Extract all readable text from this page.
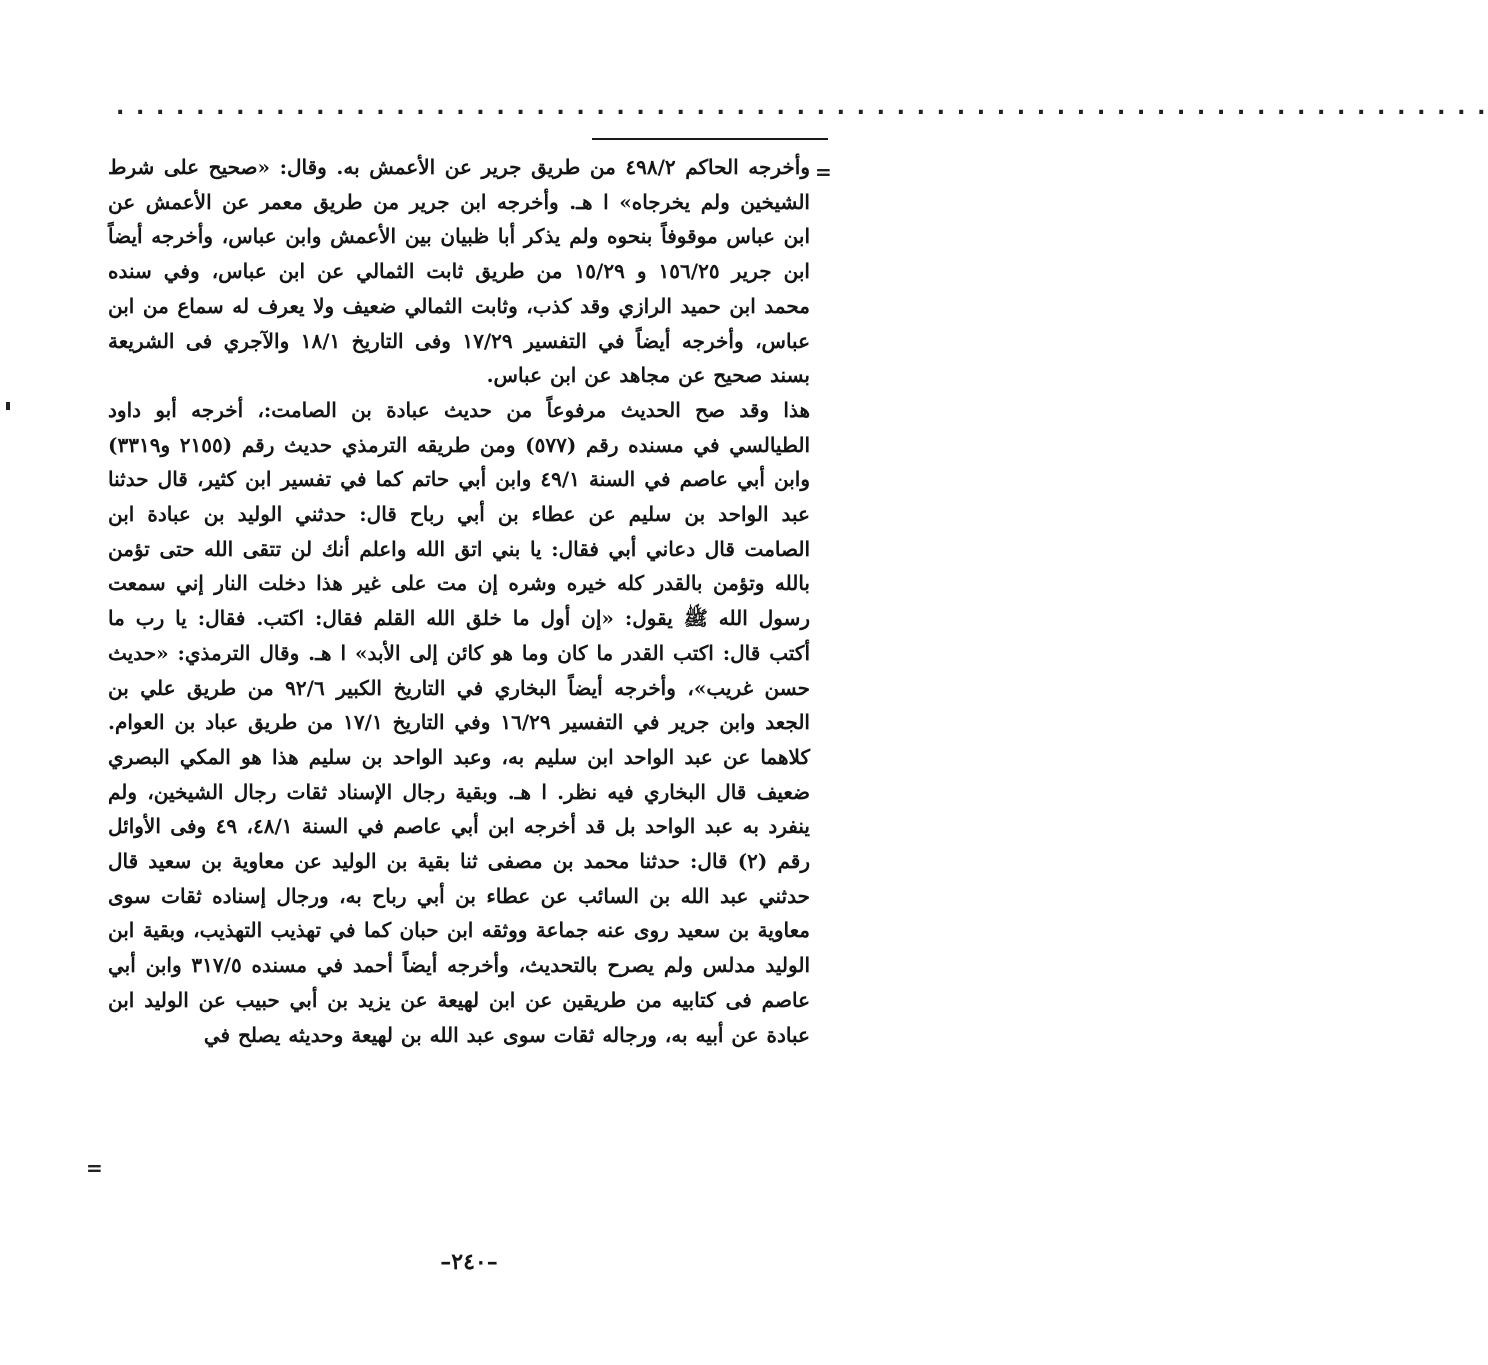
. . . . . . . . . . . . . . . . . . . . . . . . . . . . . . . . . . . . . . . . . . . . . . . . . . . . . . . . . . . . . . . . . . . . .
=

وأخرجه الحاكم ٤٩٨/٢ من طريق جرير عن الأعمش به. وقال: «صحيح على شرط الشيخين ولم يخرجاه» ا هـ. وأخرجه ابن جرير من طريق معمر عن الأعمش عن ابن عباس موقوفاً بنحوه ولم يذكر أبا ظبيان بين الأعمش وابن عباس، وأخرجه أيضاً ابن جرير ١٥٦/٢٥ و ١٥/٢٩ من طريق ثابت الثمالي عن ابن عباس، وفي سنده محمد ابن حميد الرازي وقد كذب، وثابت الثمالي ضعيف ولا يعرف له سماع من ابن عباس، وأخرجه أيضاً في التفسير ١٧/٢٩ وفى التاريخ ١٨/١ والآجري فى الشريعة بسند صحيح عن مجاهد عن ابن عباس.

هذا وقد صح الحديث مرفوعاً من حديث عبادة بن الصامت:، أخرجه أبو داود الطيالسي في مسنده رقم (٥٧٧) ومن طريقه الترمذي حديث رقم (٢١٥٥ و٣٣١٩) وابن أبي عاصم في السنة ٤٩/١ وابن أبي حاتم كما في تفسير ابن كثير، قال حدثنا عبد الواحد بن سليم عن عطاء بن أبي رباح قال: حدثني الوليد بن عبادة ابن الصامت قال دعاني أبي فقال: يا بني اتق الله واعلم أنك لن تتقى الله حتى تؤمن بالله وتؤمن بالقدر كله خيره وشره إن مت على غير هذا دخلت النار إني سمعت رسول الله ﷺ يقول: «إن أول ما خلق الله القلم فقال: اكتب. فقال: يا رب ما أكتب قال: اكتب القدر ما كان وما هو كائن إلى الأبد» ا هـ. وقال الترمذي: «حديث حسن غريب»، وأخرجه أيضاً البخاري في التاريخ الكبير ٩٢/٦ من طريق علي بن الجعد وابن جرير في التفسير ١٦/٢٩ وفي التاريخ ١٧/١ من طريق عباد بن العوام. كلاهما عن عبد الواحد ابن سليم به، وعبد الواحد بن سليم هذا هو المكي البصري ضعيف قال البخاري فيه نظر. ا هـ. وبقية رجال الإسناد ثقات رجال الشيخين، ولم ينفرد به عبد الواحد بل قد أخرجه ابن أبي عاصم في السنة ٤٨/١، ٤٩ وفى الأوائل رقم (٢) قال: حدثنا محمد بن مصفى ثنا بقية بن الوليد عن معاوية بن سعيد قال حدثني عبد الله بن السائب عن عطاء بن أبي رباح به، ورجال إسناده ثقات سوى معاوية بن سعيد روى عنه جماعة ووثقه ابن حبان كما في تهذيب التهذيب، وبقية ابن الوليد مدلس ولم يصرح بالتحديث، وأخرجه أيضاً أحمد في مسنده ٣١٧/٥ وابن أبي عاصم فى كتابيه من طريقين عن ابن لهيعة عن يزيد بن أبي حبيب عن الوليد ابن عبادة عن أبيه به، ورجاله ثقات سوى عبد الله بن لهيعة وحديثه يصلح في

=
–٢٤٠–
